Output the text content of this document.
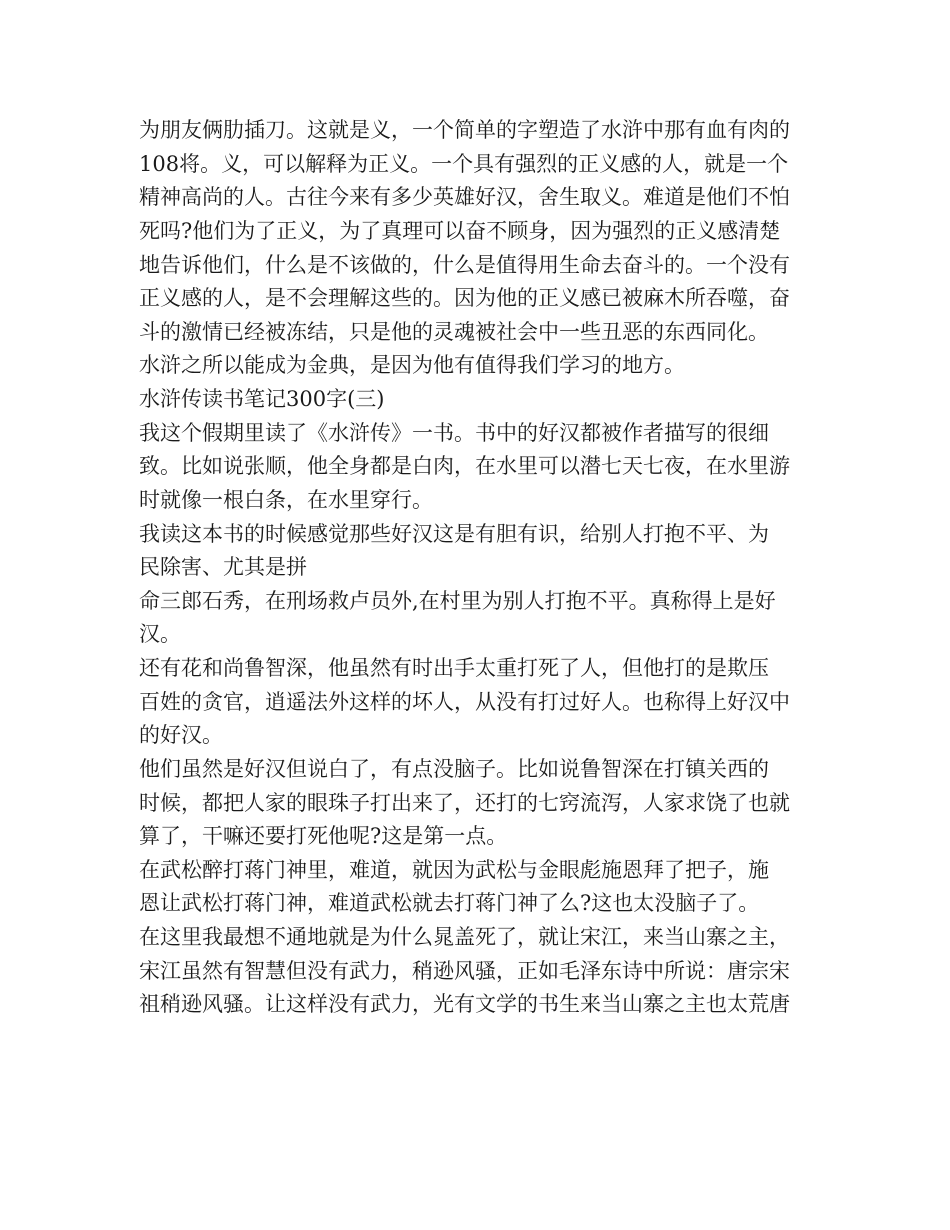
为朋友俩肋插刀。这就是义，一个简单的字塑造了水浒中那有血有肉的
108将。义，可以解释为正义。一个具有强烈的正义感的人，就是一个
精神高尚的人。古往今来有多少英雄好汉，舍生取义。难道是他们不怕
死吗?他们为了正义，为了真理可以奋不顾身，因为强烈的正义感清楚
地告诉他们，什么是不该做的，什么是值得用生命去奋斗的。一个没有
正义感的人，是不会理解这些的。因为他的正义感已被麻木所吞噬，奋
斗的激情已经被冻结，只是他的灵魂被社会中一些丑恶的东西同化。
水浒之所以能成为金典，是因为他有值得我们学习的地方。
水浒传读书笔记300字(三)
我这个假期里读了《水浒传》一书。书中的好汉都被作者描写的很细
致。比如说张顺，他全身都是白肉，在水里可以潜七天七夜，在水里游
时就像一根白条，在水里穿行。
我读这本书的时候感觉那些好汉这是有胆有识，给别人打抱不平、为
民除害、尤其是拼
命三郎石秀，在刑场救卢员外,在村里为别人打抱不平。真称得上是好
汉。
还有花和尚鲁智深，他虽然有时出手太重打死了人，但他打的是欺压
百姓的贪官，逍遥法外这样的坏人，从没有打过好人。也称得上好汉中
的好汉。
他们虽然是好汉但说白了，有点没脑子。比如说鲁智深在打镇关西的
时候，都把人家的眼珠子打出来了，还打的七窍流泻，人家求饶了也就
算了，干嘛还要打死他呢?这是第一点。
在武松醉打蒋门神里，难道，就因为武松与金眼彪施恩拜了把子，施
恩让武松打蒋门神，难道武松就去打蒋门神了么?这也太没脑子了。
在这里我最想不通地就是为什么晁盖死了，就让宋江，来当山寨之主，
宋江虽然有智慧但没有武力，稍逊风骚，正如毛泽东诗中所说：唐宗宋
祖稍逊风骚。让这样没有武力，光有文学的书生来当山寨之主也太荒唐
